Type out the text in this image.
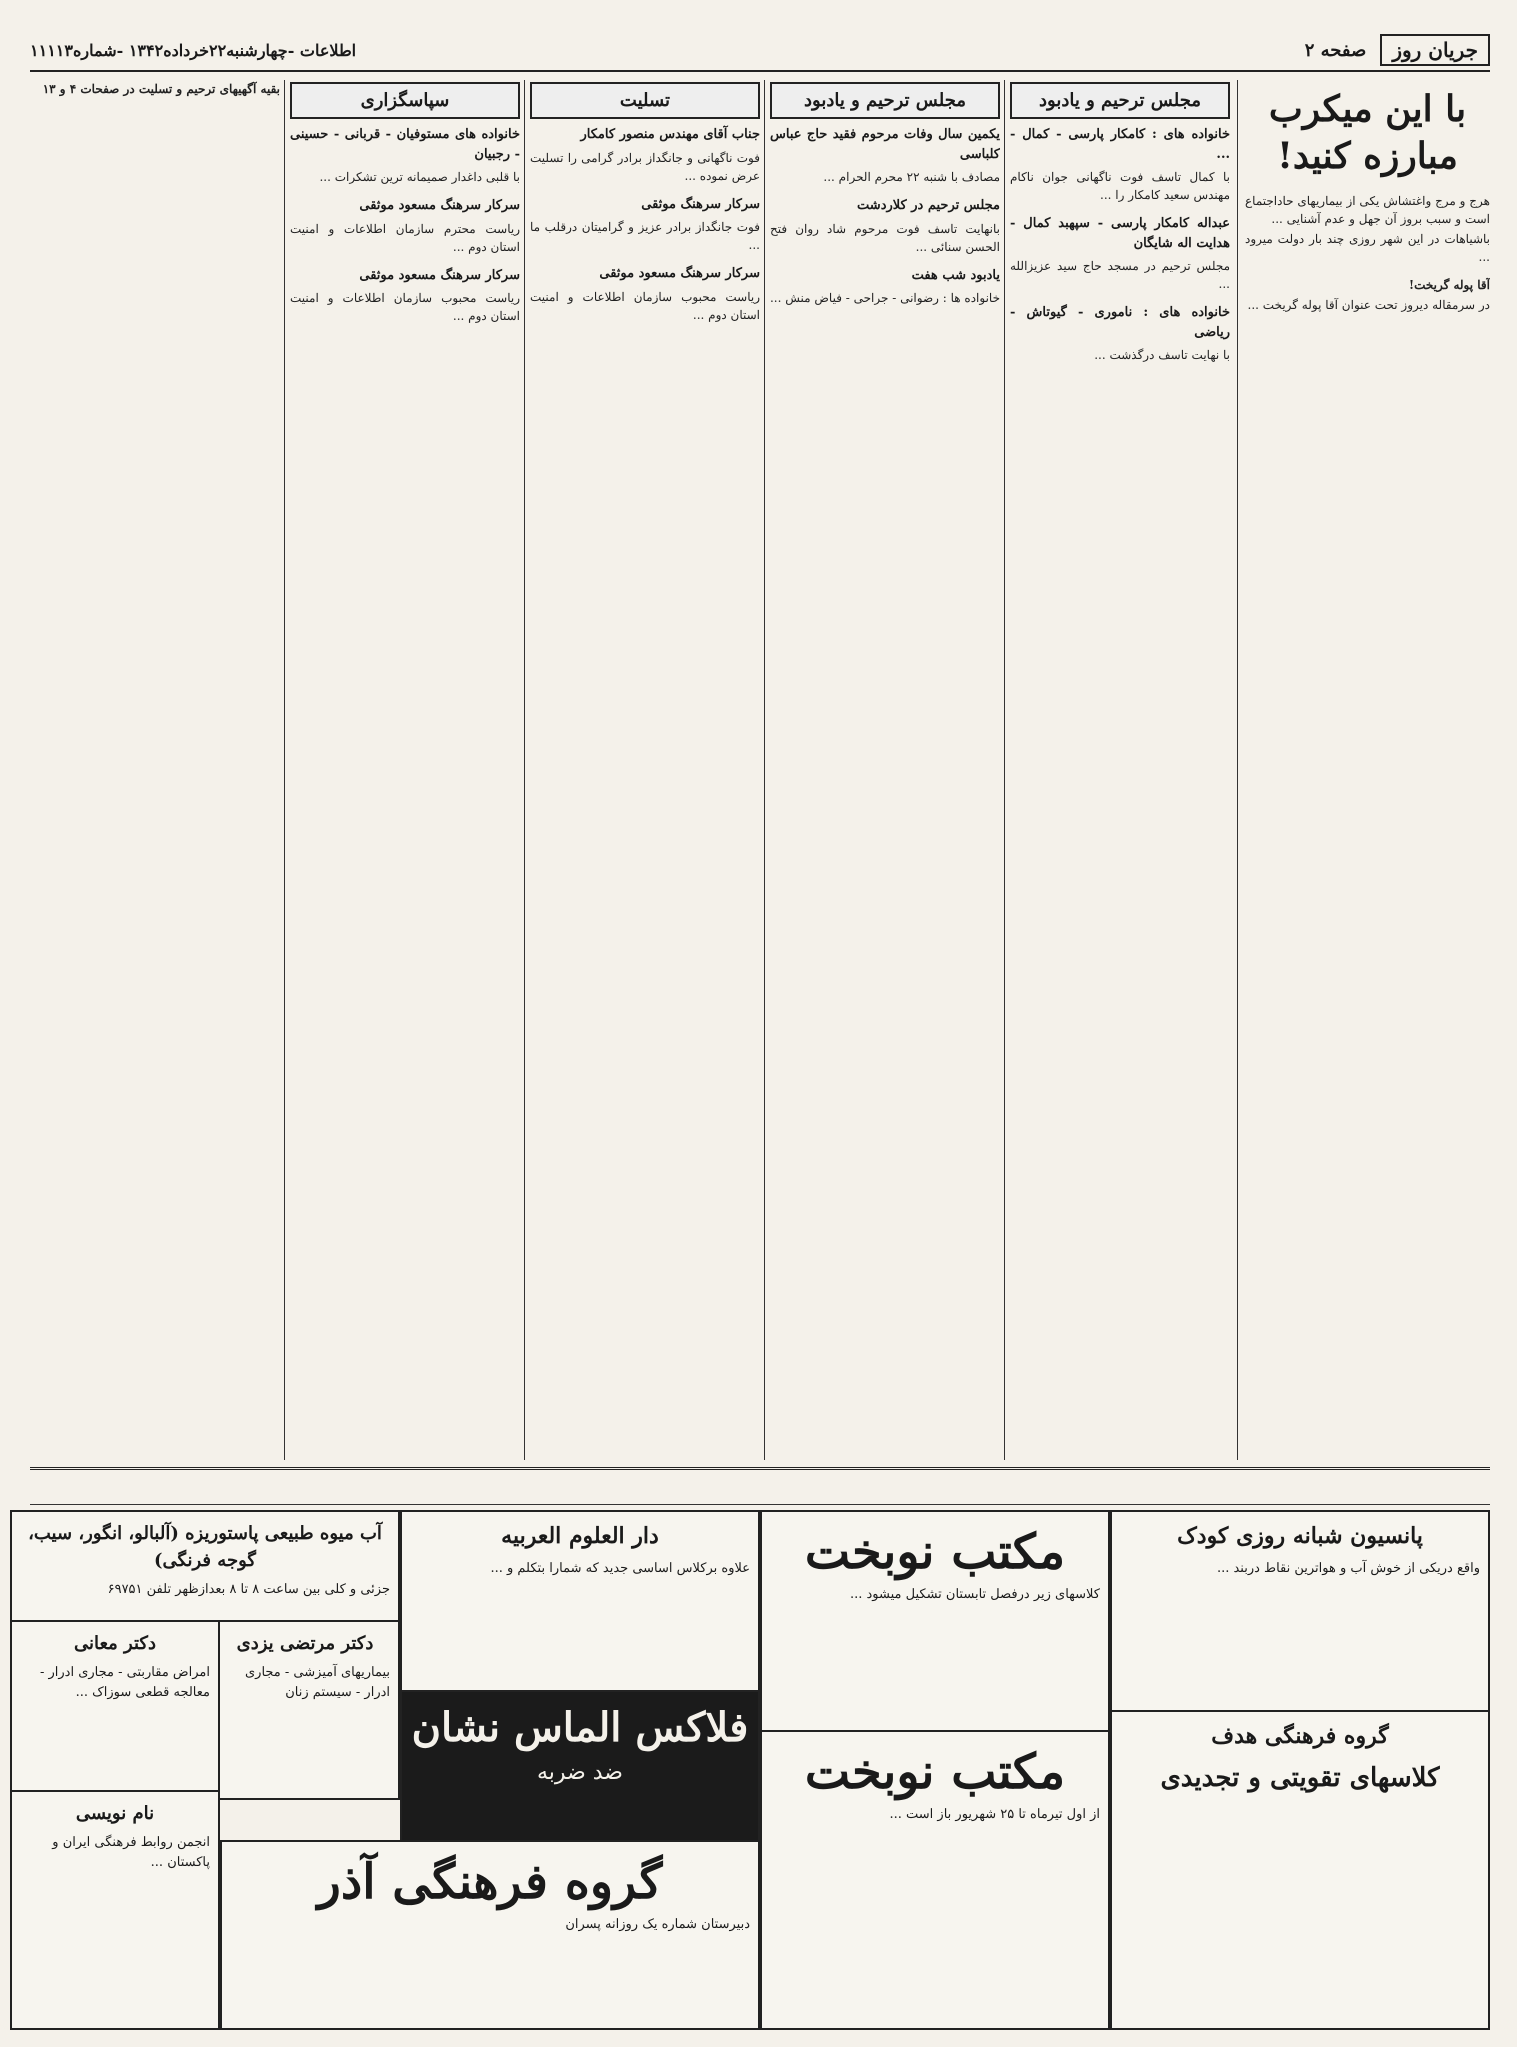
جریان روز
صفحه ۲
اطلاعات -چهارشنبه۲۲خرداده۱۳۴۲ -شماره۱۱۱۱۳
با این میکرب مبارزه کنید!

هرج و مرج واغتشاش یکی از بیماریهای حاداجتماع است و سبب بروز آن جهل و عدم آشنایی ...

باشیاهات در این شهر روزی چند بار دولت میرود ...

آقا پوله گریخت!

در سرمقاله دیروز تحت عنوان آقا پوله گریخت ...

مجلس ترحیم و یادبود
خانواده های : کامکار پارسی - کمال - ...
با کمال تاسف فوت ناگهانی جوان ناکام مهندس سعید کامکار را ...
عبداله کامکار پارسی - سپهبد کمال - هدایت اله شایگان
مجلس ترحیم در مسجد حاج سید عزیزالله ...
خانواده های : ناموری - گیوتاش - ریاضی
با نهایت تاسف درگذشت ...
مجلس ترحیم و یادبود
یکمین سال وفات مرحوم فقید حاج عباس کلباسی
مصادف با شنبه ۲۲ محرم الحرام ...
مجلس ترحیم در کلاردشت
بانهایت تاسف فوت مرحوم شاد روان فتح الحسن سنائی ...
یادبود شب هفت
خانواده ها : رضوانی - جراحی - فیاض منش ...
تسلیت
جناب آقای مهندس منصور کامکار
فوت ناگهانی و جانگداز برادر گرامی را تسلیت عرض نموده ...
سرکار سرهنگ موثقی
فوت جانگداز برادر عزیز و گرامیتان درقلب ما ...
سرکار سرهنگ مسعود موثقی
ریاست محبوب سازمان اطلاعات و امنیت استان دوم ...
سپاسگزاری
خانواده های مستوفیان - قربانی - حسینی - رجبیان
با قلبی داغدار صمیمانه ترین تشکرات ...
سرکار سرهنگ مسعود موثقی
ریاست محترم سازمان اطلاعات و امنیت استان دوم ...
سرکار سرهنگ مسعود موثقی
ریاست محبوب سازمان اطلاعات و امنیت استان دوم ...
بقیه آگهیهای ترحیم و تسلیت در صفحات ۴ و ۱۳
پانسیون شبانه روزی کودک
واقع دریکی از خوش آب و هواترین نقاط دربند ...
مکتب نوبخت
کلاسهای زیر درفصل تابستان تشکیل میشود ...
دار العلوم العربیه
علاوه برکلاس اساسی جدید که شمارا بتکلم و ...
آب میوه طبیعی پاستوریزه (آلبالو، انگور، سیب، گوجه فرنگی)
جزئی و کلی بین ساعت ۸ تا ۸ بعدازظهر تلفن ۶۹۷۵۱
دکتر مرتضی یزدی
بیماریهای آمیزشی - مجاری ادرار - سیستم زنان
فلاکس الماس نشان
ضد ضربه
دکتر معانی
امراض مقاربتی - مجاری ادرار - معالجه قطعی سوزاک ...
گروه فرهنگی هدف
کلاسهای تقویتی و تجدیدی
مکتب نوبخت
از اول تیرماه تا ۲۵ شهریور باز است ...
گروه فرهنگی آذر
دبیرستان شماره یک روزانه پسران
نام نویسی
انجمن روابط فرهنگی ایران و پاکستان ...
